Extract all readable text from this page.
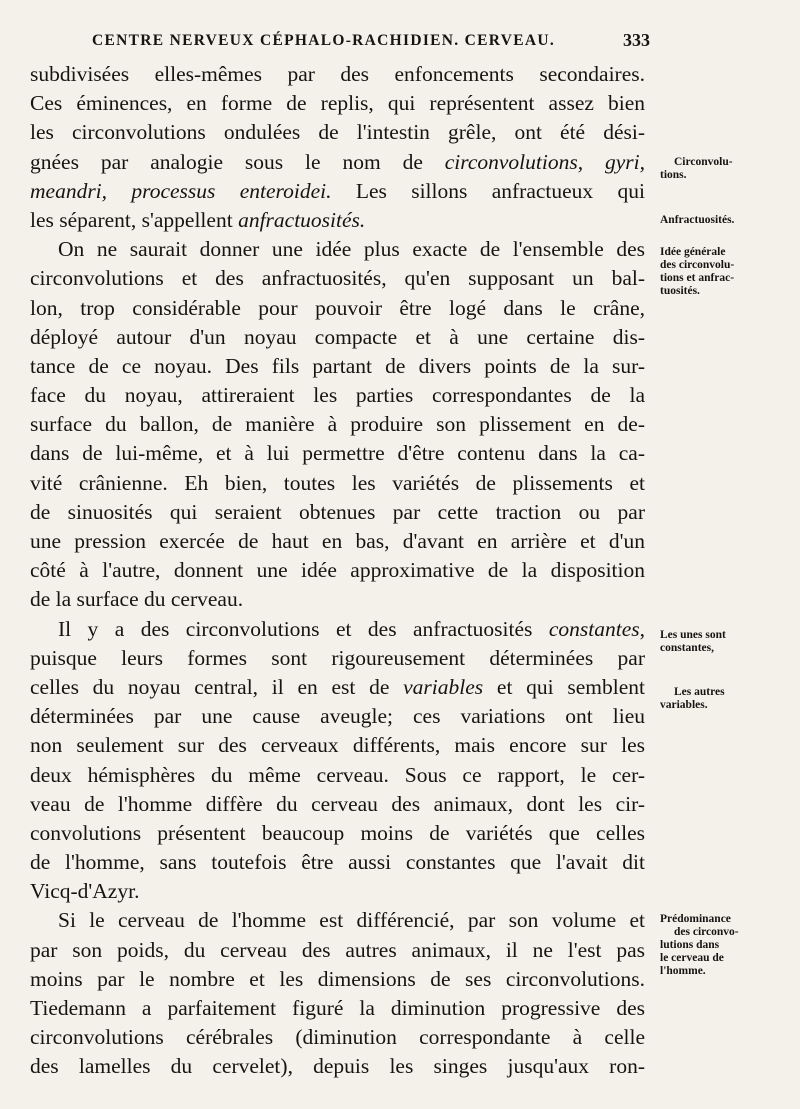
CENTRE NERVEUX CÉPHALO-RACHIDIEN. CERVEAU.	333
subdivisées elles-mêmes par des enfoncements secondaires.
Ces éminences, en forme de replis, qui représentent assez bien
les circonvolutions ondulées de l'intestin grêle, ont été dési-
gnées par analogie sous le nom de circonvolutions, gyri,
meandri, processus enteroidei. Les sillons anfractueux qui
les séparent, s'appellent anfractuosités.
On ne saurait donner une idée plus exacte de l'ensemble des
circonvolutions et des anfractuosités, qu'en supposant un bal-
lon, trop considérable pour pouvoir être logé dans le crâne,
déployé autour d'un noyau compacte et à une certaine dis-
tance de ce noyau. Des fils partant de divers points de la sur-
face du noyau, attireraient les parties correspondantes de la
surface du ballon, de manière à produire son plissement en de-
dans de lui-même, et à lui permettre d'être contenu dans la ca-
vité crânienne. Eh bien, toutes les variétés de plissements et
de sinuosités qui seraient obtenues par cette traction ou par
une pression exercée de haut en bas, d'avant en arrière et d'un
côté à l'autre, donnent une idée approximative de la disposition
de la surface du cerveau.
Il y a des circonvolutions et des anfractuosités constantes,
puisque leurs formes sont rigoureusement déterminées par
celles du noyau central, il en est de variables et qui semblent
déterminées par une cause aveugle; ces variations ont lieu
non seulement sur des cerveaux différents, mais encore sur les
deux hémisphères du même cerveau. Sous ce rapport, le cer-
veau de l'homme diffère du cerveau des animaux, dont les cir-
convolutions présentent beaucoup moins de variétés que celles
de l'homme, sans toutefois être aussi constantes que l'avait dit
Vicq-d'Azyr.
Si le cerveau de l'homme est différencié, par son volume et
par son poids, du cerveau des autres animaux, il ne l'est pas
moins par le nombre et les dimensions de ses circonvolutions.
Tiedemann a parfaitement figuré la diminution progressive des
circonvolutions cérébrales (diminution correspondante à celle
des lamelles du cervelet), depuis les singes jusqu'aux ron-

Circonvolu-

tions.

Anfractuosités.

Idée générale

des circonvolu-

tions et anfrac-

tuosités.

Les unes sont

constantes,

Les autres

variables.

Prédominance

des circonvo-

lutions dans

le cerveau de

l'homme.
